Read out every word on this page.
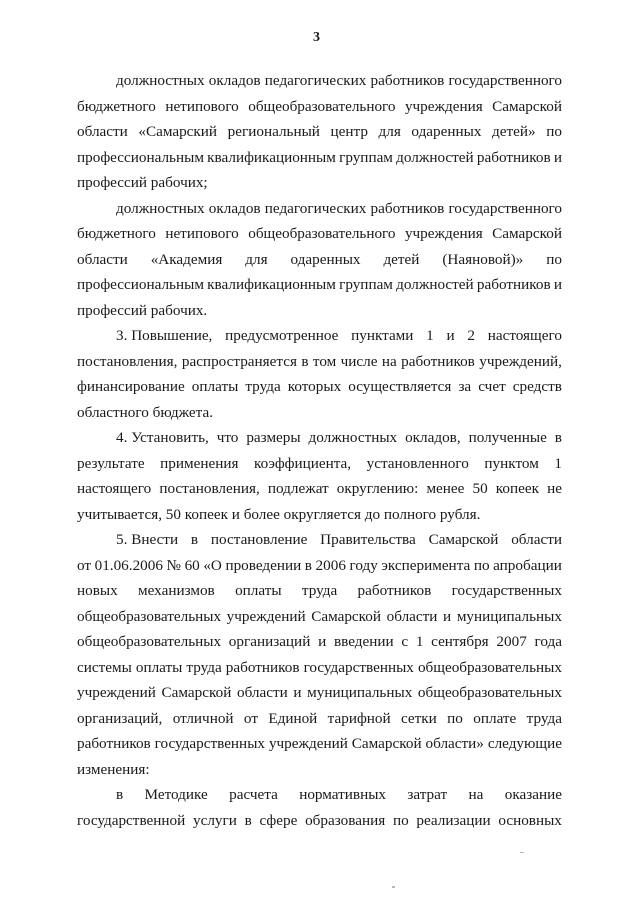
3
должностных окладов педагогических работников государственного
бюджетного нетипового общеобразовательного учреждения Самарской
области «Самарский региональный центр для одаренных детей» по
профессиональным квалификационным группам должностей работников и
профессий рабочих;
должностных окладов педагогических работников государственного
бюджетного нетипового общеобразовательного учреждения Самарской
области «Академия для одаренных детей (Наяновой)» по
профессиональным квалификационным группам должностей работников и
профессий рабочих.
3. Повышение, предусмотренное пунктами 1 и 2 настоящего
постановления, распространяется в том числе на работников учреждений,
финансирование оплаты труда которых осуществляется за счет средств
областного бюджета.
4. Установить, что размеры должностных окладов, полученные в
результате применения коэффициента, установленного пунктом 1
настоящего постановления, подлежат округлению: менее 50 копеек не
учитывается, 50 копеек и более округляется до полного рубля.
5. Внести в постановление Правительства Самарской области
от 01.06.2006 № 60 «О проведении в 2006 году эксперимента по апробации
новых механизмов оплаты труда работников государственных
общеобразовательных учреждений Самарской области и муниципальных
общеобразовательных организаций и введении с 1 сентября 2007 года
системы оплаты труда работников государственных общеобразовательных
учреждений Самарской области и муниципальных общеобразовательных
организаций, отличной от Единой тарифной сетки по оплате труда
работников государственных учреждений Самарской области» следующие
изменения:
в Методике расчета нормативных затрат на оказание
государственной услуги в сфере образования по реализации основных
